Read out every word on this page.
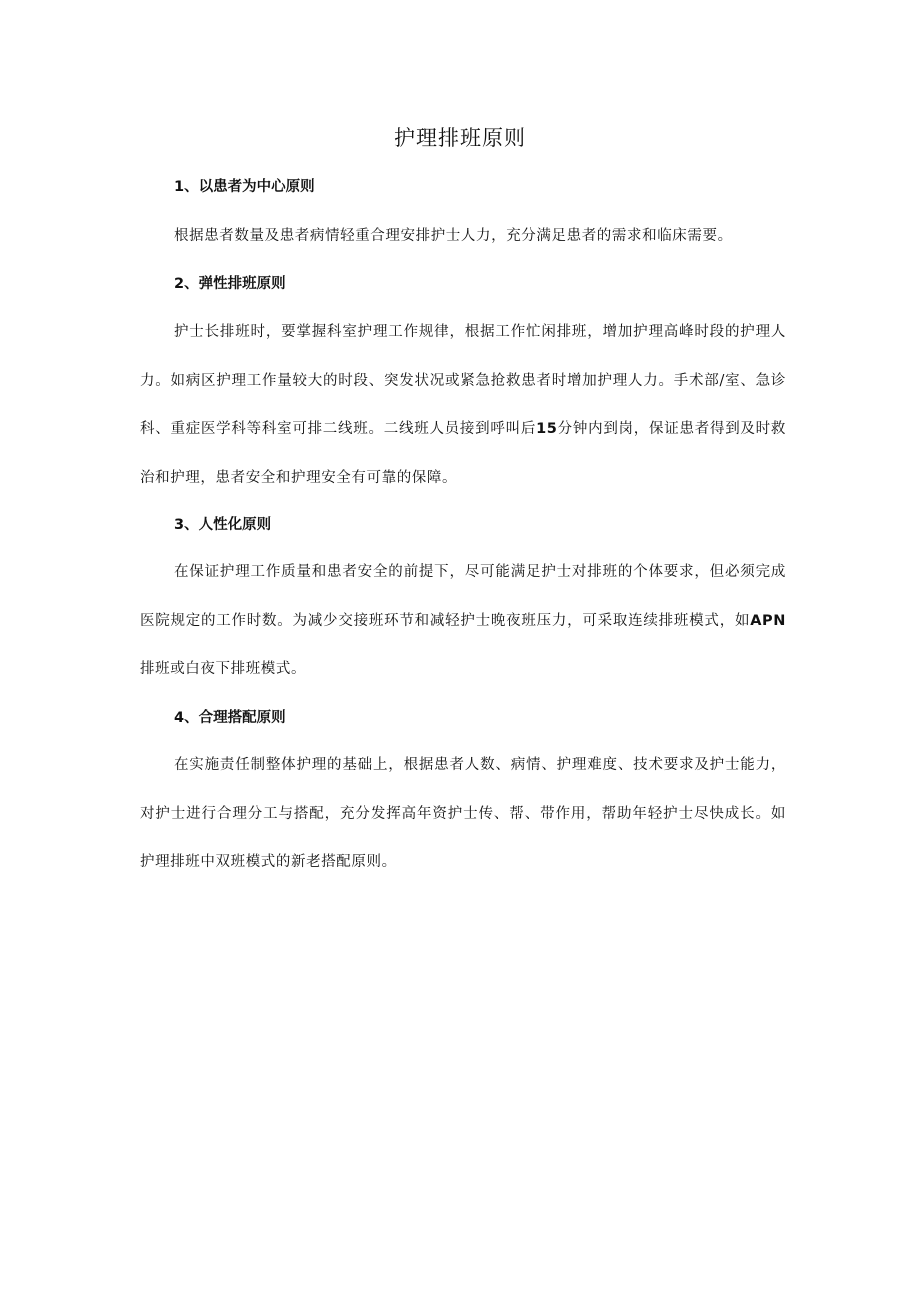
护理排班原则
1、以患者为中心原则

根据患者数量及患者病情轻重合理安排护士人力，充分满足患者的需求和临床需要。

2、弹性排班原则

护士长排班时，要掌握科室护理工作规律，根据工作忙闲排班，增加护理高峰时段的护理人力。如病区护理工作量较大的时段、突发状况或紧急抢救患者时增加护理人力。手术部/室、急诊科、重症医学科等科室可排二线班。二线班人员接到呼叫后15分钟内到岗，保证患者得到及时救治和护理，患者安全和护理安全有可靠的保障。

3、人性化原则

在保证护理工作质量和患者安全的前提下，尽可能满足护士对排班的个体要求，但必须完成医院规定的工作时数。为减少交接班环节和减轻护士晚夜班压力，可采取连续排班模式，如APN排班或白夜下排班模式。

4、合理搭配原则

在实施责任制整体护理的基础上，根据患者人数、病情、护理难度、技术要求及护士能力，对护士进行合理分工与搭配，充分发挥高年资护士传、帮、带作用，帮助年轻护士尽快成长。如护理排班中双班模式的新老搭配原则。
